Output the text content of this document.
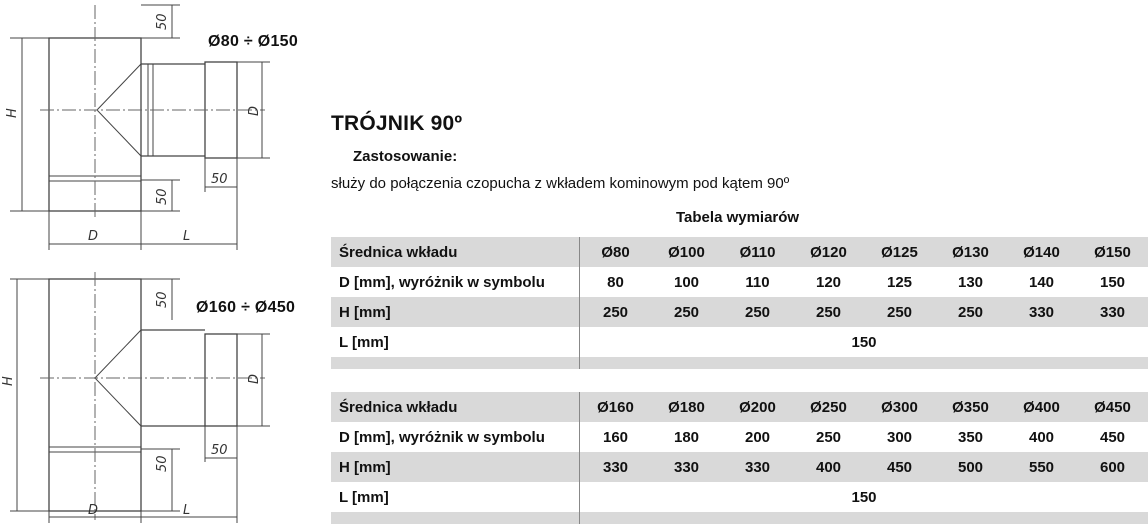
50
H	D
50
50
D	L
50
H	D
50
50
D	L
Ø80 ÷ Ø150
Ø160 ÷ Ø450
TRÓJNIK 90º
Zastosowanie:
służy do połączenia czopucha z wkładem kominowym pod kątem 90º
Tabela wymiarów
Średnica wkładu	Ø80	Ø100	Ø110	Ø120	Ø125	Ø130	Ø140	Ø150
D [mm], wyróżnik w symbolu	80	100	110	120	125	130	140	150
H [mm]	250	250	250	250	250	250	330	330
L [mm]	150							

Średnica wkładu	Ø160	Ø180	Ø200	Ø250	Ø300	Ø350	Ø400	Ø450
D [mm], wyróżnik w symbolu	160	180	200	250	300	350	400	450
H [mm]	330	330	330	400	450	500	550	600
L [mm]	150							
